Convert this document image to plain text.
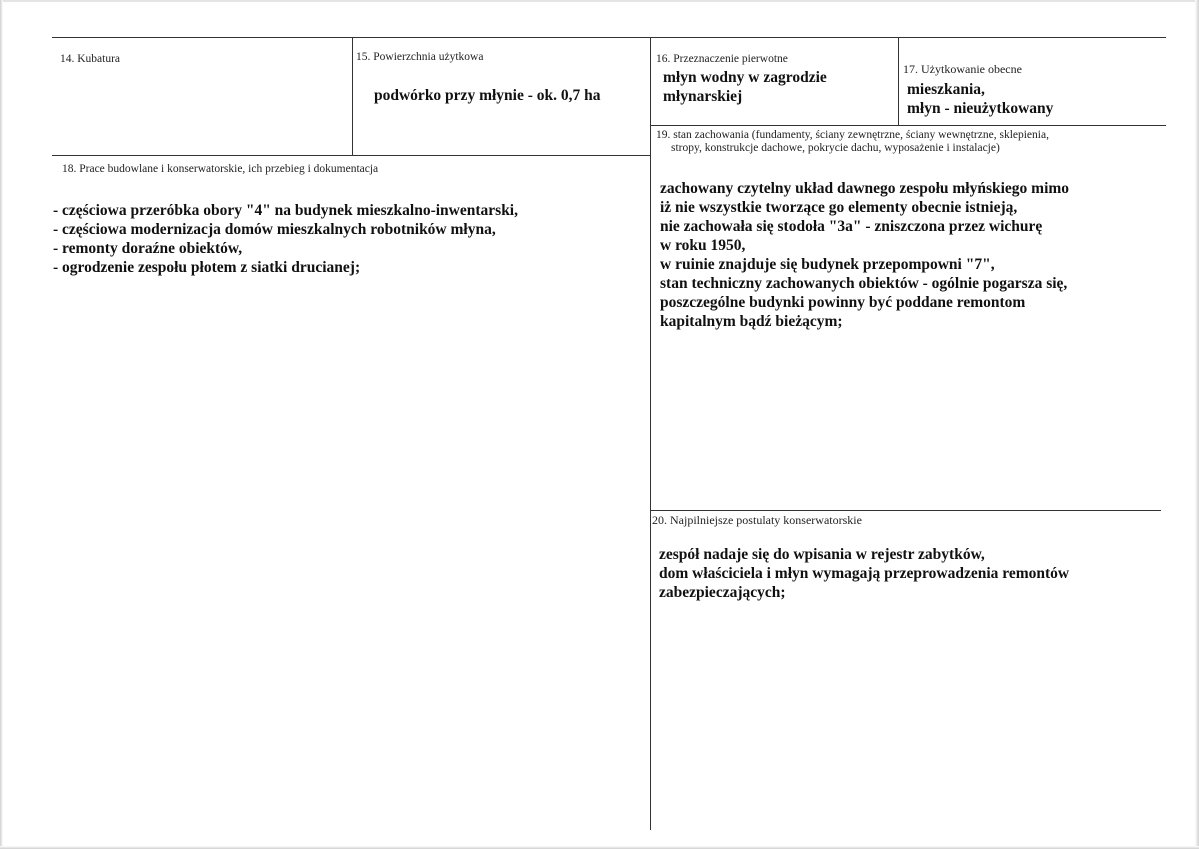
14. Kubatura	15. Powierzchnia użytkowa
podwórko przy młynie - ok. 0,7 ha
16. Przeznaczenie pierwotne
młyn wodny w zagrodzie
młynarskiej
17. Użytkowanie obecne
mieszkania,
młyn - nieużytkowany
18. Prace budowlane i konserwatorskie, ich przebieg i dokumentacja
- częściowa przeróbka obory "4" na budynek mieszkalno-inwentarski,
- częściowa modernizacja domów mieszkalnych robotników młyna,
- remonty doraźne obiektów,
- ogrodzenie zespołu płotem z siatki drucianej;
19. stan zachowania (fundamenty, ściany zewnętrzne, ściany wewnętrzne, sklepienia,
stropy, konstrukcje dachowe, pokrycie dachu, wyposażenie i instalacje)
zachowany czytelny układ dawnego zespołu młyńskiego mimo
iż nie wszystkie tworzące go elementy obecnie istnieją,
nie zachowała się stodoła "3a" - zniszczona przez wichurę
w roku 1950,
w ruinie znajduje się budynek przepompowni "7",
stan techniczny zachowanych obiektów - ogólnie pogarsza się,
poszczególne budynki powinny być poddane remontom
kapitalnym bądź bieżącym;
20. Najpilniejsze postulaty konserwatorskie
zespół nadaje się do wpisania w rejestr zabytków,
dom właściciela i młyn wymagają przeprowadzenia remontów
zabezpieczających;
